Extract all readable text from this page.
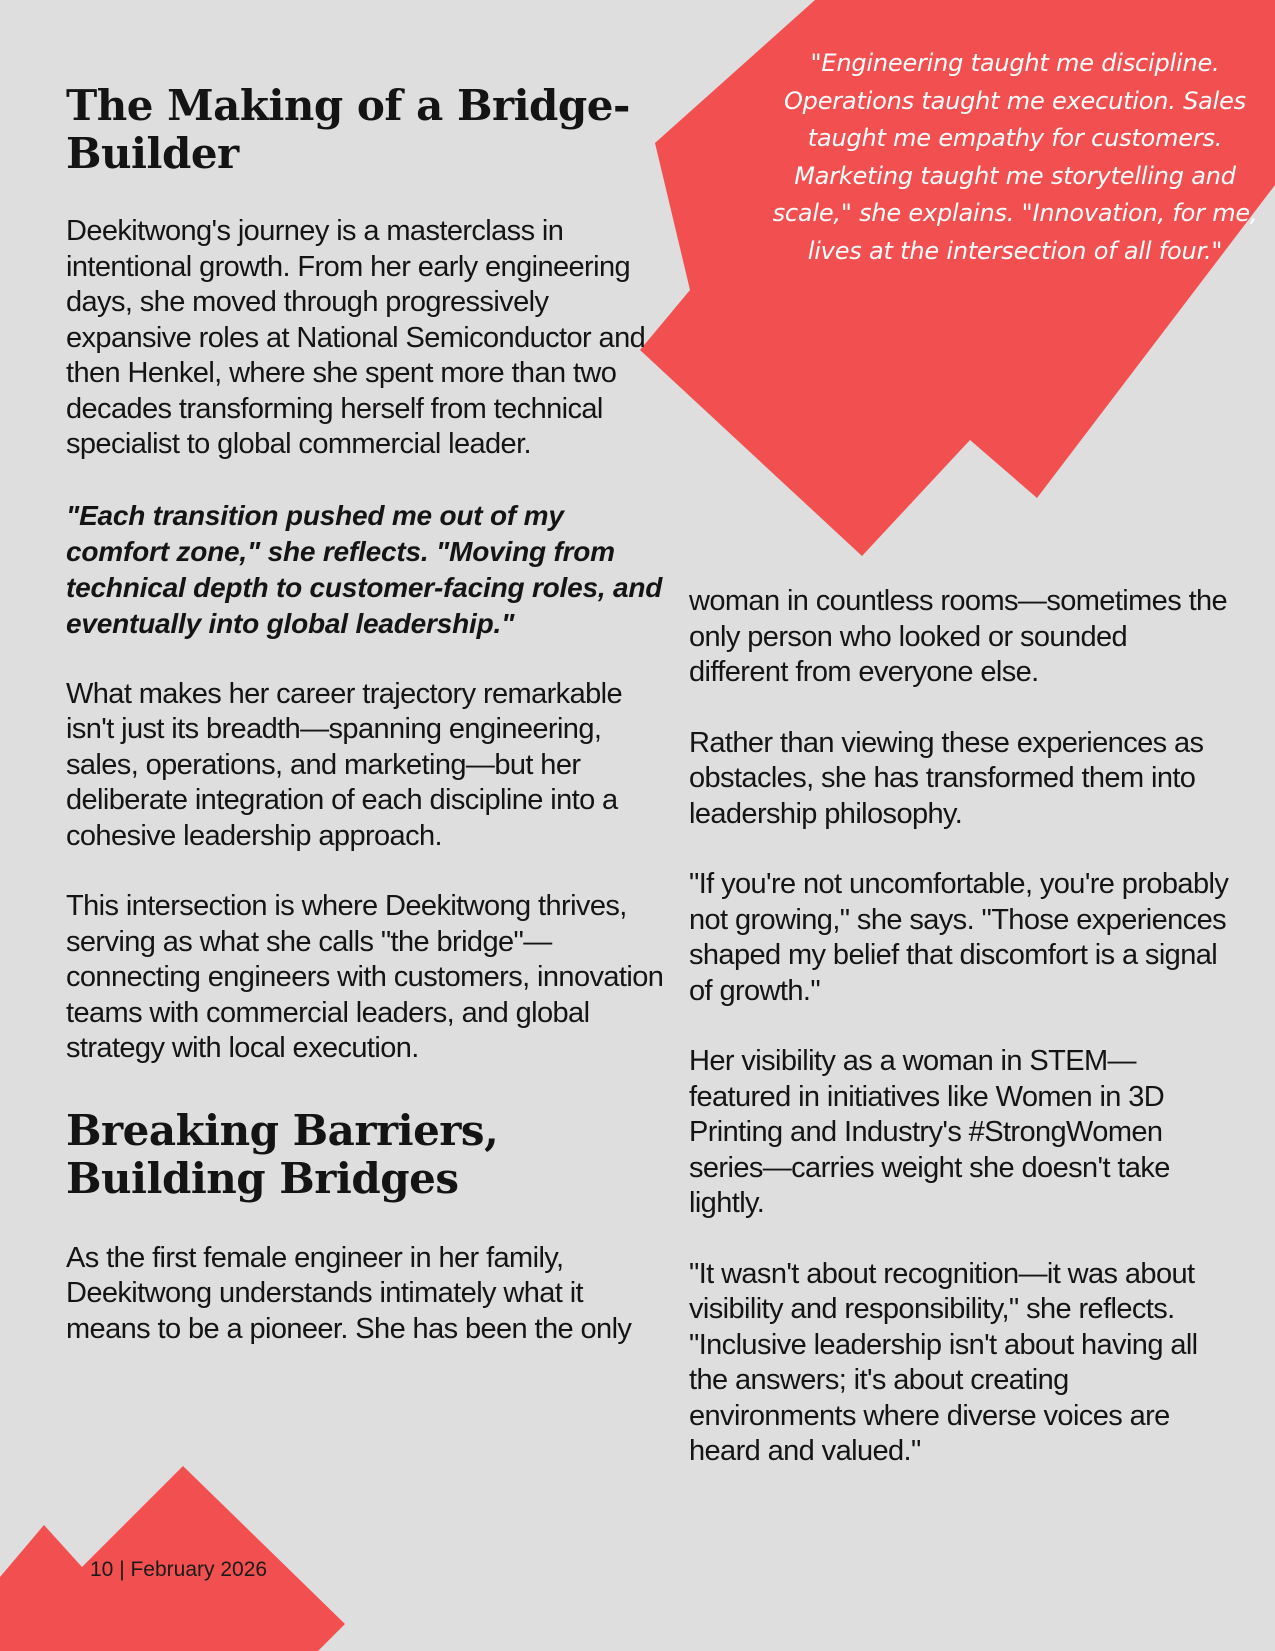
"Engineering taught me discipline. Operations taught me execution. Sales taught me empathy for customers. Marketing taught me storytelling and scale," she explains. "Innovation, for me, lives at the intersection of all four."

The Making of a Bridge-Builder

Deekitwong's journey is a masterclass in intentional growth. From her early engineering days, she moved through progressively expansive roles at National Semiconductor and then Henkel, where she spent more than two decades transforming herself from technical specialist to global commercial leader.

"Each transition pushed me out of my comfort zone," she reflects. "Moving from technical depth to customer-facing roles, and eventually into global leadership."

What makes her career trajectory remarkable isn't just its breadth—spanning engineering, sales, operations, and marketing—but her deliberate integration of each discipline into a cohesive leadership approach.

This intersection is where Deekitwong thrives, serving as what she calls "the bridge"—connecting engineers with customers, innovation teams with commercial leaders, and global strategy with local execution.

Breaking Barriers, Building Bridges

As the first female engineer in her family, Deekitwong understands intimately what it means to be a pioneer. She has been the only

woman in countless rooms—sometimes the only person who looked or sounded different from everyone else.

Rather than viewing these experiences as obstacles, she has transformed them into leadership philosophy.

"If you're not uncomfortable, you're probably not growing," she says. "Those experiences shaped my belief that discomfort is a signal of growth."

Her visibility as a woman in STEM—featured in initiatives like Women in 3D Printing and Industry's #StrongWomen series—carries weight she doesn't take lightly.

"It wasn't about recognition—it was about visibility and responsibility," she reflects. "Inclusive leadership isn't about having all the answers; it's about creating environments where diverse voices are heard and valued."

10 | February 2026
